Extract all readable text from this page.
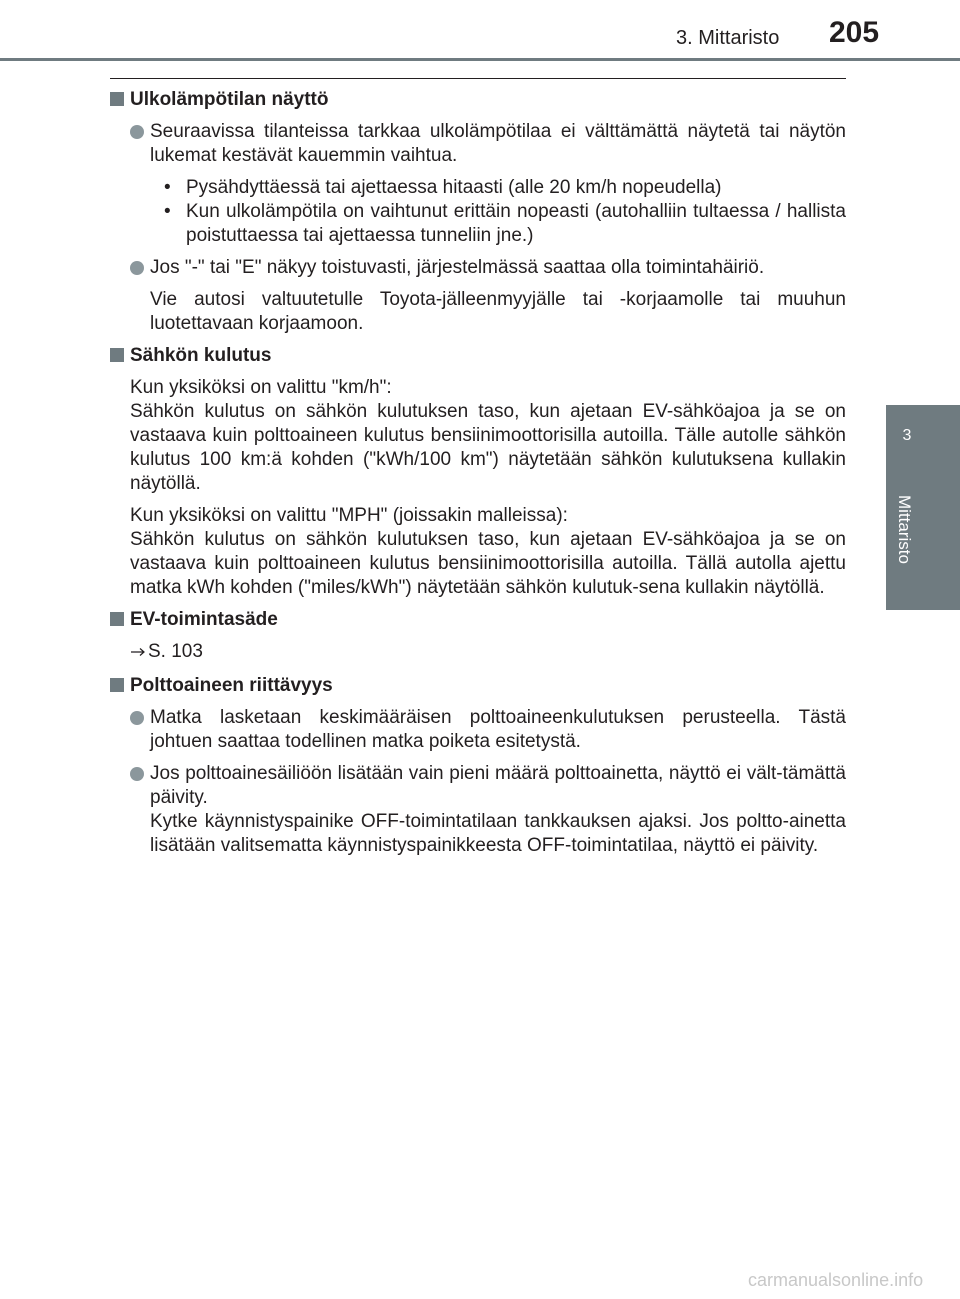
3. Mittaristo 205
3
Mittaristo
Ulkolämpötilan näyttö
Seuraavissa tilanteissa tarkkaa ulkolämpötilaa ei välttämättä näytetä tai näytön lukemat kestävät kauemmin vaihtua.
• Pysähdyttäessä tai ajettaessa hitaasti (alle 20 km/h nopeudella)
• Kun ulkolämpötila on vaihtunut erittäin nopeasti (autohalliin tultaessa / hallista poistuttaessa tai ajettaessa tunneliin jne.)
Jos "-" tai "E" näkyy toistuvasti, järjestelmässä saattaa olla toimintahäiriö.
Vie autosi valtuutetulle Toyota-jälleenmyyjälle tai -korjaamolle tai muuhun luotettavaan korjaamoon.
Sähkön kulutus
Kun yksiköksi on valittu "km/h":
Sähkön kulutus on sähkön kulutuksen taso, kun ajetaan EV-sähköajoa ja se on vastaava kuin polttoaineen kulutus bensiinimoottorisilla autoilla. Tälle autolle sähkön kulutus 100 km:ä kohden ("kWh/100 km") näytetään sähkön kulutuksena kullakin näytöllä.
Kun yksiköksi on valittu "MPH" (joissakin malleissa):
Sähkön kulutus on sähkön kulutuksen taso, kun ajetaan EV-sähköajoa ja se on vastaava kuin polttoaineen kulutus bensiinimoottorisilla autoilla. Tällä autolla ajettu matka kWh kohden ("miles/kWh") näytetään sähkön kulutuk-sena kullakin näytöllä.
EV-toimintasäde
S. 103
Polttoaineen riittävyys
Matka lasketaan keskimääräisen polttoaineenkulutuksen perusteella. Tästä johtuen saattaa todellinen matka poiketa esitetystä.
Jos polttoainesäiliöön lisätään vain pieni määrä polttoainetta, näyttö ei vält-tämättä päivity.
Kytke käynnistyspainike OFF-toimintatilaan tankkauksen ajaksi. Jos poltto-ainetta lisätään valitsematta käynnistyspainikkeesta OFF-toimintatilaa, näyttö ei päivity.
carmanualsonline.info
